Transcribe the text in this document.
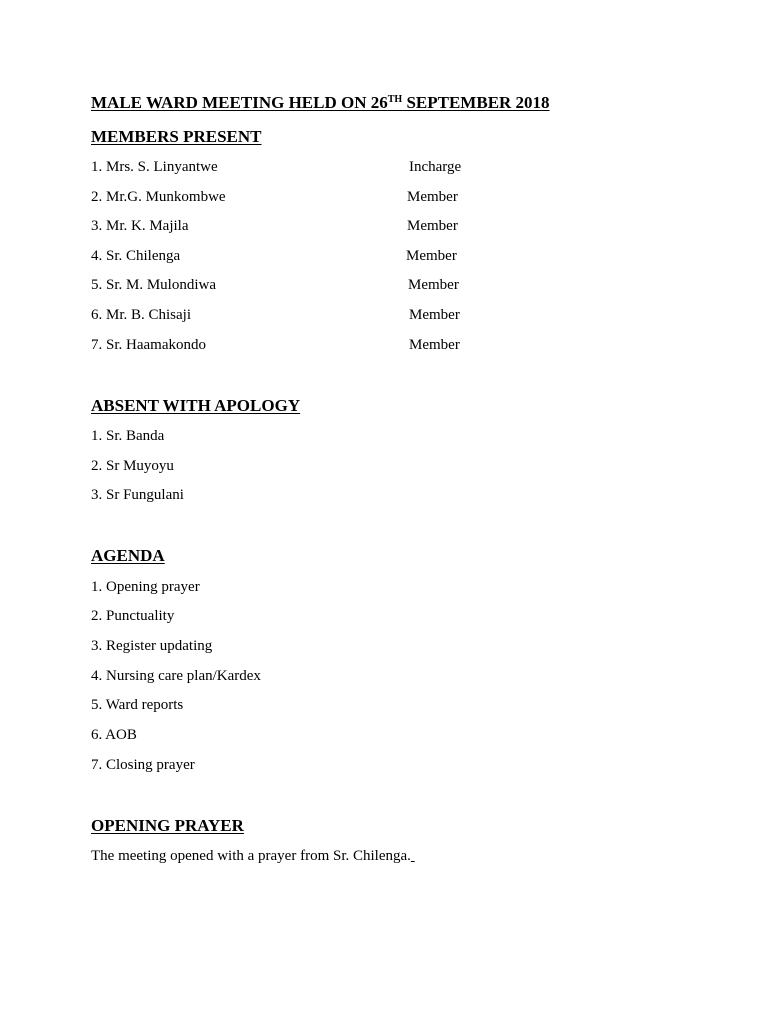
MALE WARD MEETING HELD ON 26TH SEPTEMBER 2018
MEMBERS PRESENT
1. Mrs. S. Linyantwe	Incharge
2. Mr.G. Munkombwe	Member
3. Mr. K. Majila	Member
4. Sr. Chilenga	Member
5. Sr. M. Mulondiwa	Member
6. Mr. B. Chisaji	Member
7. Sr. Haamakondo	Member
ABSENT WITH APOLOGY
1. Sr. Banda
2. Sr Muyoyu
3. Sr Fungulani
AGENDA
1. Opening prayer
2. Punctuality
3. Register updating
4. Nursing care plan/Kardex
5. Ward reports
6. AOB
7. Closing prayer
OPENING PRAYER
The meeting opened with a prayer from Sr. Chilenga.
